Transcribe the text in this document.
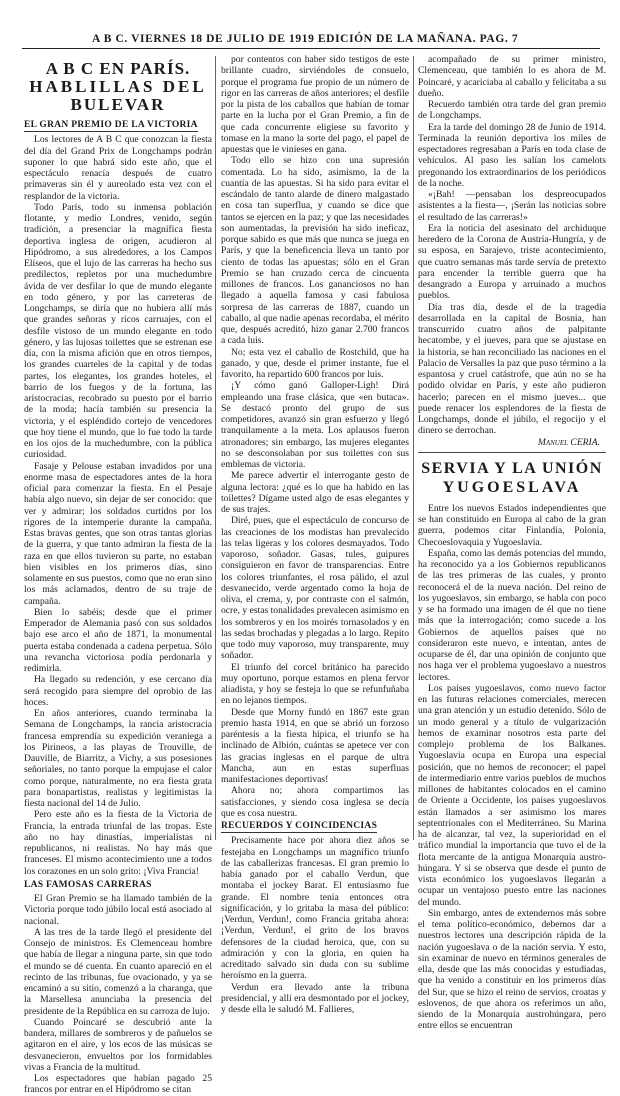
A B C. VIERNES 18 DE JULIO DE 1919 EDICIÓN DE LA MAÑANA. PAG. 7
A B C EN PARÍS.
HABLILLAS DEL
BULEVAR
EL GRAN PREMIO DE LA VICTORIA

Los lectores de A B C que conozcan la fiesta del día del Grand Prix de Longchamps podrán suponer lo que habrá sido este año, que el espectáculo renacía después de cuatro primaveras sin él y aureolado esta vez con el resplandor de la victoria.

Todo París, todo su inmensa población flotante, y medio Londres, venido, según tradición, a presenciar la magnífica fiesta deportiva inglesa de origen, acudieron al Hipódromo, a sus alrededores, a los Campos Elíseos, que el lujo de las carreras ha hecho sus predilectos, repletos por una muchedumbre ávida de ver desfilar lo que de mundo elegante en todo género, y por las carreteras de Longchamps, se diría que no hubiera allí más que grandes señoras y ricos carruajes, con el desfile vistoso de un mundo elegante en todo género, y las lujosas toilettes que se estrenan ese día, con la misma afición que en otros tiempos, los grandes cuarteles de la capital y de todas partes, los elegantes, los grandes hoteles, el barrio de los fuegos y de la fortuna, las aristocracias, recobrado su puesto por el barrio de la moda; hacía también su presencia la victoria, y el espléndido cortejo de vencedores que hoy tiene el mundo, que lo fue todo la tarde en los ojos de la muchedumbre, con la pública curiosidad.

Fasaje y Pelouse estaban invadidos por una enorme masa de espectadores antes de la hora oficial para comenzar la fiesta. En el Pesaje había algo nuevo, sin dejar de ser conocido: que ver y admirar; los soldados curtidos por los rigores de la intemperie durante la campaña. Estas bravas gentes, que son otras tantas glorias de la guerra, y que tanto admiran la fiesta de la raza en que ellos tuvieron su parte, no estaban bien visibles en los primeros días, sino solamente en sus puestos, como que no eran sino los más aclamados, dentro de su traje de campaña.

Bien lo sabéis; desde que el primer Emperador de Alemania pasó con sus soldados bajo ese arco el año de 1871, la monumental puerta estaba condenada a cadena perpetua. Sólo una revancha victoriosa podía perdonarla y redimirla.

Ha llegado su redención, y ese cercano día será recogido para siempre del oprobio de las hoces.

En años anteriores, cuando terminaba la Semana de Longchamps, la rancia aristocracia francesa emprendía su expedición veraniega a los Pirineos, a las playas de Trouville, de Dauville, de Biarritz, a Vichy, a sus posesiones señoriales, no tanto porque la empujase el calor como porque, naturalmente, no era fiesta grata para bonapartistas, realistas y legitimistas la fiesta nacional del 14 de Julio.

Pero este año es la fiesta de la Victoria de Francia, la entrada triunfal de las tropas. Este año no hay dinastías, imperialistas ni republicanos, ni realistas. No hay más que franceses. El mismo acontecimiento une a todos los corazones en un solo grito: ¡Viva Francia!

LAS FAMOSAS CARRERAS

El Gran Premio se ha llamado también de la Victoria porque todo júbilo local está asociado al nacional.

A las tres de la tarde llegó el presidente del Consejo de ministros. Es Clemenceau hombre que había de llegar a ninguna parte, sin que todo el mundo se dé cuenta. En cuanto apareció en el recinto de las tribunas, fue ovacionado, y ya se encaminó a su sitio, comenzó a la charanga, que la Marsellesa anunciaba la presencia del presidente de la República en su carroza de lujo.

Cuando Poincaré se descubrió ante la bandera, millares de sombreros y de pañuelos se agitaron en el aire, y los ecos de las músicas se desvanecieron, envueltos por los formidables vivas a Francia de la multitud.

Los espectadores que habían pagado 25 francos por entrar en el Hipódromo se citan

por contentos con haber sido testigos de este brillante cuadro, sirviéndoles de consuelo, porque el programa fue propio de un número de rigor en las carreras de años anteriores; el desfile por la pista de los caballos que habían de tomar parte en la lucha por el Gran Premio, a fin de que cada concurrente eligiese su favorito y tomase en la mano la sorte del pago, el papel de apuestas que le vinieses en gana.

Todo ello se hizo con una supresión comentada. Lo ha sido, asimismo, la de la cuantía de las apuestas. Si ha sido para evitar el escándalo de tanto alarde de dinero malgastado en cosa tan superflua, y cuando se dice que tantos se ejercen en la paz; y que las necesidades son aumentadas, la previsión ha sido ineficaz, porque sabido es que más que nunca se juega en París, y que la beneficencia lleva un tanto por ciento de todas las apuestas; sólo en el Gran Premio se han cruzado cerca de cincuenta millones de francos. Los gananciosos no han llegado a aquella famosa y casi fabulosa sorpresa de las carreras de 1887, cuando un caballo, al que nadie apenas recordaba, el mérito que, después acreditó, hizo ganar 2.700 francos a cada luis.

No; esta vez el caballo de Rostchild, que ha ganado, y que, desde el primer instante, fue el favorito, ha repartido 600 francos por luis.

¡Y cómo ganó Galloper-Ligh! Dirá empleando una frase clásica, que «en butaca». Se destacó pronto del grupo de sus competidores, avanzó sin gran esfuerzo y llegó tranquilamente a la meta. Los aplausos fueron atronadores; sin embargo, las mujeres elegantes no se desconsolaban por sus toilettes con sus emblemas de victoria.

Me parece advertir el interrogante gesto de alguna lectora: ¿qué es lo que ha habido en las toilettes? Dígame usted algo de esas elegantes y de sus trajes.

Diré, pues, que el espectáculo de concurso de las creaciones de los modistas han prevalecido las telas ligeras y los colores desmayados. Todo vaporoso, soñador. Gasas, tules, guipures consiguieron en favor de transparencias. Entre los colores triunfantes, el rosa pálido, el azul desvanecido, verde argentado como la hoja de oliva, el crema, y, por contraste con el salmón, ocre, y estas tonalidades prevalecen asimismo en los sombreros y en los moirés tornasolados y en las sedas brochadas y plegadas a lo largo. Repito que todo muy vaporoso, muy transparente, muy soñador.

El triunfo del corcel británico ha parecido muy oportuno, porque estamos en plena fervor aliadista, y hoy se festeja lo que se refunfuñaba en no lejanos tiempos.

Desde que Morny fundó en 1867 este gran premio hasta 1914, en que se abrió un forzoso paréntesis a la fiesta hípica, el triunfo se ha inclinado de Albión, cuántas se apetece ver con las gracias inglesas en el parque de ultra Mancha, aun en estas superfluas manifestaciones deportivas!

Ahora no; ahora compartimos las satisfacciones, y siendo cosa inglesa se decía que es cosa nuestra.

RECUERDOS Y COINCIDENCIAS

Precisamente hace por ahora diez años se festejaba en Longchamps un magnífico triunfo de las caballerizas francesas. El gran premio lo había ganado por el caballo Verdun, que montaba el jockey Barat. El entusiasmo fue grande. El nombre tenía entonces otra significación, y lo gritaba la masa del público: ¡Verdun, Verdun!, como Francia gritaba ahora: ¡Verdun, Verdun!, el grito de los bravos defensores de la ciudad heroica, que, con su admiración y con la gloria, en quien ha acreditado salvado sin duda con su sublime heroísmo en la guerra.

Verdun era llevado ante la tribuna presidencial, y allí era desmontado por el jockey, y desde ella le saludó M. Fallieres,

acompañado de su primer ministro, Clemenceau, que también lo es ahora de M. Poincaré, y acariciaba al caballo y felicitaba a su dueño.

Recuerdo también otra tarde del gran premio de Longchamps.

Era la tarde del domingo 28 de Junio de 1914. Terminada la reunión deportiva los miles de espectadores regresaban a París en toda clase de vehículos. Al paso les salían los camelots pregonando los extraordinarios de los periódicos de la noche.

«¡Bah! —pensaban los despreocupados asistentes a la fiesta—, ¡Serán las noticias sobre el resultado de las carreras!»

Era la noticia del asesinato del archiduque heredero de la Corona de Austria-Hungría, y de su esposa, en Sarajevo, triste acontecimiento, que cuatro semanas más tarde servía de pretexto para encender la terrible guerra que ha desangrado a Europa y arruinado a muchos pueblos.

Día tras día, desde el de la tragedia desarrollada en la capital de Bosnia, han transcurrido cuatro años de palpitante hecatombe, y el jueves, para que se ajustase en la historia, se han reconciliado las naciones en el Palacio de Versalles la paz que puso término a la espantosa y cruel catástrofe, que aún no se ha podido olvidar en París, y este año pudieron hacerlo; parecen en el mismo jueves... que puede renacer los esplendores de la fiesta de Longchamps, donde el júbilo, el regocijo y el dinero se derrochan.

Manuel CERIA.
SERVIA Y LA UNIÓN
YUGOESLAVA

Entre los nuevos Estados independientes que se han constituido en Europa al cabo de la gran guerra, podemos citar Finlandia, Polonia, Checoeslovaquia y Yugoeslavia.

España, como las demás potencias del mundo, ha reconocido ya a los Gobiernos republicanos de las tres primeras de las cuales, y pronto reconocerá el de la nueva nación. Del reino de los yugoeslavos, sin embargo, se habla con poco y se ha formado una imagen de él que no tiene más que la interrogación; como sucede a los Gobiernos de aquellos países que no consideraron este nuevo, e intentan, antes de ocuparse de él, dar una opinión de conjunto que nos haga ver el problema yugoeslavo a nuestros lectores.

Los países yugoeslavos, como nuevo factor en las futuras relaciones comerciales, merecen una gran atención y un estudio detenido. Sólo de un modo general y a título de vulgarización hemos de examinar nosotros esta parte del complejo problema de los Balkanes. Yugoeslavia ocupa en Europa una especial posición, que no hemos de reconocer; el papel de intermediario entre varios pueblos de muchos millones de habitantes colocados en el camino de Oriente a Occidente, los países yugoeslavos están llamados a ser asimismo los mares septentrionales con el Mediterráneo. Su Marina ha de alcanzar, tal vez, la superioridad en el tráfico mundial la importancia que tuvo el de la flota mercante de la antigua Monarquía austro-húngara. Y si se observa que desde el punto de vista económico los yugoeslavos llegarán a ocupar un ventajoso puesto entre las naciones del mundo.

Sin embargo, antes de extendernos más sobre el tema político-económico, debemos dar a nuestros lectores una descripción rápida de la nación yugoeslava o de la nación servia. Y esto, sin examinar de nuevo en términos generales de ella, desde que las más conocidas y estudiadas, que ha venido a constituir en los primeros días del Sur, que se hizo el reino de servios, croatas y eslovenos, de que ahora os referimos un año, siendo de la Monarquía austrohúngara, pero entre ellos se encuentran
